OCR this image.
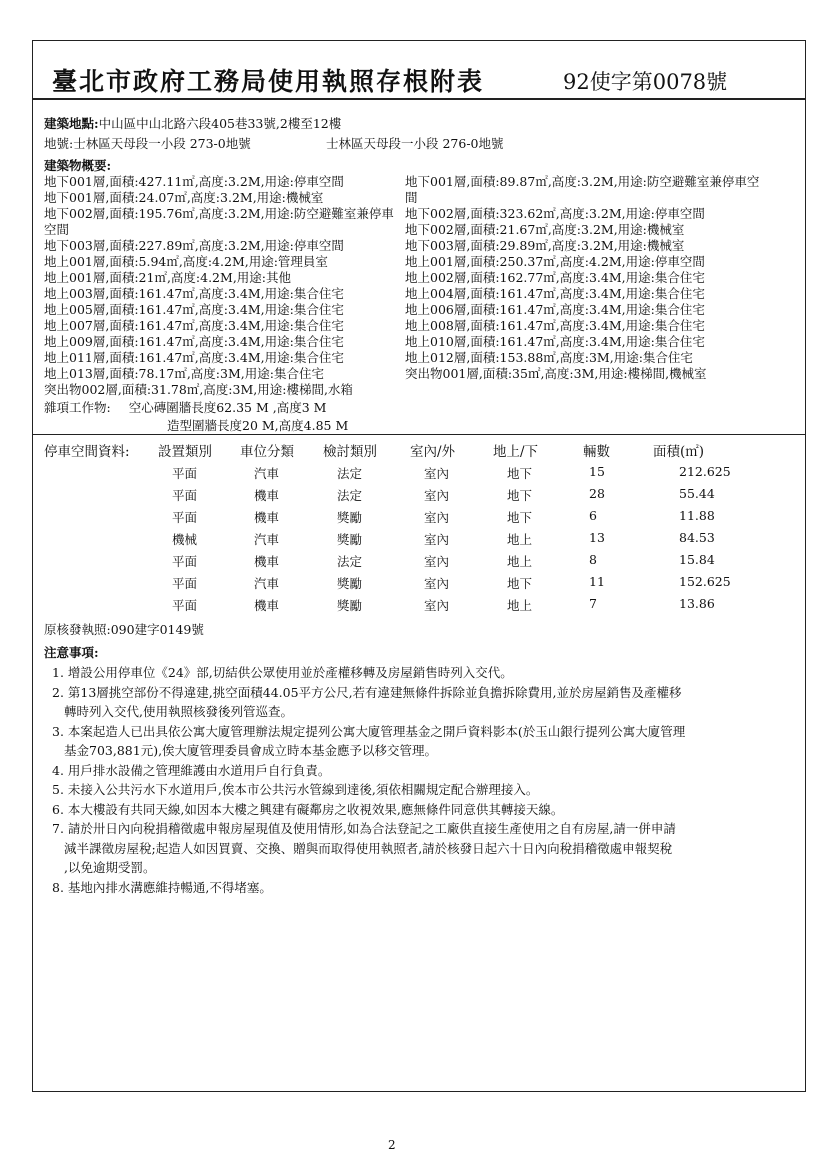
臺北市政府工務局使用執照存根附表	92使字第0078號
建築地點:中山區中山北路六段405巷33號,2樓至12樓
地號:士林區天母段一小段 273-0地號	士林區天母段一小段 276-0地號
建築物概要:
地下001層,面積:427.11㎡,高度:3.2M,用途:停車空間
地下001層,面積:24.07㎡,高度:3.2M,用途:機械室
地下002層,面積:195.76㎡,高度:3.2M,用途:防空避難室兼停車空間
地下003層,面積:227.89㎡,高度:3.2M,用途:停車空間
地上001層,面積:5.94㎡,高度:4.2M,用途:管理員室
地上001層,面積:21㎡,高度:4.2M,用途:其他
地上003層,面積:161.47㎡,高度:3.4M,用途:集合住宅
地上005層,面積:161.47㎡,高度:3.4M,用途:集合住宅
地上007層,面積:161.47㎡,高度:3.4M,用途:集合住宅
地上009層,面積:161.47㎡,高度:3.4M,用途:集合住宅
地上011層,面積:161.47㎡,高度:3.4M,用途:集合住宅
地上013層,面積:78.17㎡,高度:3M,用途:集合住宅
突出物002層,面積:31.78㎡,高度:3M,用途:樓梯間,水箱
地下001層,面積:89.87㎡,高度:3.2M,用途:防空避難室兼停車空間
地下002層,面積:323.62㎡,高度:3.2M,用途:停車空間
地下002層,面積:21.67㎡,高度:3.2M,用途:機械室
地下003層,面積:29.89㎡,高度:3.2M,用途:機械室
地上001層,面積:250.37㎡,高度:4.2M,用途:停車空間
地上002層,面積:162.77㎡,高度:3.4M,用途:集合住宅
地上004層,面積:161.47㎡,高度:3.4M,用途:集合住宅
地上006層,面積:161.47㎡,高度:3.4M,用途:集合住宅
地上008層,面積:161.47㎡,高度:3.4M,用途:集合住宅
地上010層,面積:161.47㎡,高度:3.4M,用途:集合住宅
地上012層,面積:153.88㎡,高度:3M,用途:集合住宅
突出物001層,面積:35㎡,高度:3M,用途:樓梯間,機械室
雜項工作物: 空心磚圍牆長度62.35 M ,高度3 M
造型圍牆長度20 M,高度4.85 M
停車空間資料: 設置類別 車位分類 檢討類別 室內/外	地上/下	輛數	面積(㎡)
平面	汽車	法定	室內	地下	15	212.625
平面	機車	法定	室內	地下	28	55.44
平面	機車	獎勵	室內	地下	6	11.88
機械	汽車	獎勵	室內	地上	13	84.53
平面	機車	法定	室內	地上	8	15.84
平面	汽車	獎勵	室內	地下	11	152.625
平面	機車	獎勵	室內	地上	7	13.86
原核發執照:090建字0149號
注意事項:
1. 增設公用停車位《24》部,切結供公眾使用並於產權移轉及房屋銷售時列入交代。
2. 第13層挑空部份不得違建,挑空面積44.05平方公尺,若有違建無條件拆除並負擔拆除費用,並於房屋銷售及產權移
轉時列入交代,使用執照核發後列管巡查。
3. 本案起造人已出具依公寓大廈管理辦法規定提列公寓大廈管理基金之開戶資料影本(於玉山銀行提列公寓大廈管理
基金703,881元),俟大廈管理委員會成立時本基金應予以移交管理。
4. 用戶排水設備之管理維護由水道用戶自行負責。
5. 未接入公共污水下水道用戶,俟本市公共污水管線到達後,須依相關規定配合辦理接入。
6. 本大樓設有共同天線,如因本大樓之興建有礙鄰房之收視效果,應無條件同意供其轉接天線。
7. 請於卅日內向稅捐稽徵處申報房屋現值及使用情形,如為合法登記之工廠供直接生產使用之自有房屋,請一併申請
減半課徵房屋稅;起造人如因買賣、交換、贈與而取得使用執照者,請於核發日起六十日內向稅捐稽徵處申報契稅
,以免逾期受罰。
8. 基地內排水溝應維持暢通,不得堵塞。
2
